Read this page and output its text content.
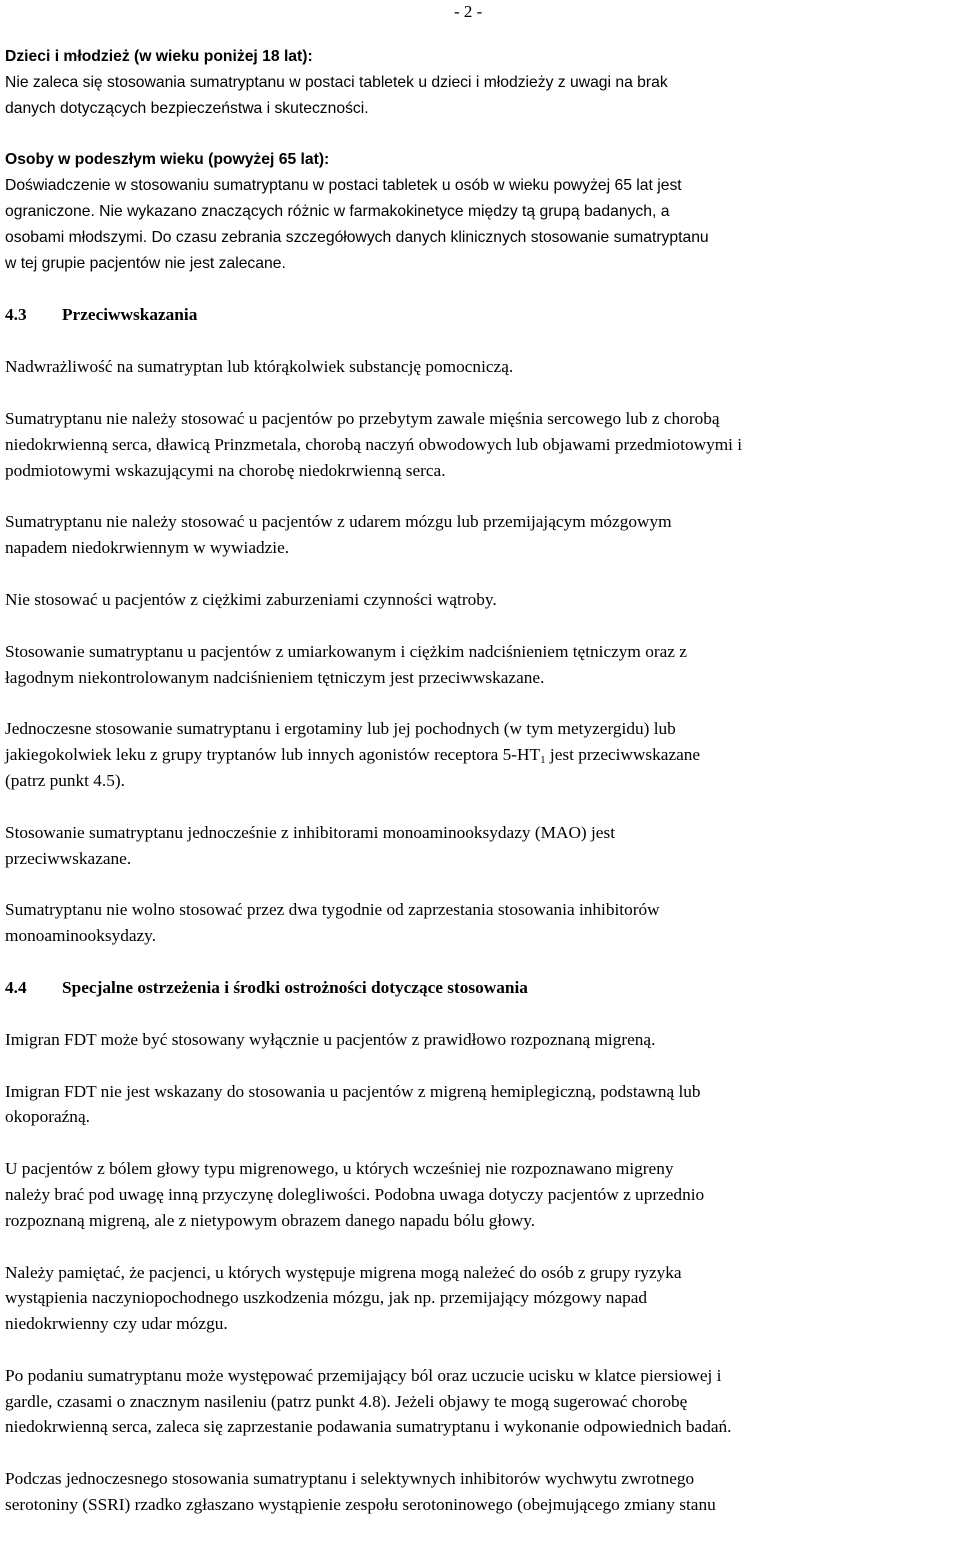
- 2 -
Dzieci i młodzież (w wieku poniżej 18 lat):
Nie zaleca się stosowania sumatryptanu w postaci tabletek u dzieci i młodzieży z uwagi na brak
danych dotyczących bezpieczeństwa i skuteczności.
Osoby w podeszłym wieku (powyżej 65 lat):
Doświadczenie w stosowaniu sumatryptanu w postaci tabletek u osób w wieku powyżej 65 lat jest
ograniczone. Nie wykazano znaczących różnic w farmakokinetyce między tą grupą badanych, a
osobami młodszymi. Do czasu zebrania szczegółowych danych klinicznych stosowanie sumatryptanu
w tej grupie pacjentów nie jest zalecane.
4.3 Przeciwwskazania
Nadwrażliwość na sumatryptan lub którąkolwiek substancję pomocniczą.
Sumatryptanu nie należy stosować u pacjentów po przebytym zawale mięśnia sercowego lub z chorobą
niedokrwienną serca, dławicą Prinzmetala, chorobą naczyń obwodowych lub objawami przedmiotowymi i
podmiotowymi wskazującymi na chorobę niedokrwienną serca.
Sumatryptanu nie należy stosować u pacjentów z udarem mózgu lub przemijającym mózgowym
napadem niedokrwiennym w wywiadzie.
Nie stosować u pacjentów z ciężkimi zaburzeniami czynności wątroby.
Stosowanie sumatryptanu u pacjentów z umiarkowanym i ciężkim nadciśnieniem tętniczym oraz z
łagodnym niekontrolowanym nadciśnieniem tętniczym jest przeciwwskazane.
Jednoczesne stosowanie sumatryptanu i ergotaminy lub jej pochodnych (w tym metyzergidu) lub
jakiegokolwiek leku z grupy tryptanów lub innych agonistów receptora $5-HT_1$ jest przeciwwskazane
(patrz punkt 4.5).
Stosowanie sumatryptanu jednocześnie z inhibitorami monoaminooksydazy (MAO) jest
przeciwwskazane.
Sumatryptanu nie wolno stosować przez dwa tygodnie od zaprzestania stosowania inhibitorów
monoaminooksydazy.
4.4 Specjalne ostrzeżenia i środki ostrożności dotyczące stosowania
Imigran FDT może być stosowany wyłącznie u pacjentów z prawidłowo rozpoznaną migreną.
Imigran FDT nie jest wskazany do stosowania u pacjentów z migreną hemiplegiczną, podstawną lub
okoporaźną.
U pacjentów z bólem głowy typu migrenowego, u których wcześniej nie rozpoznawano migreny
należy brać pod uwagę inną przyczynę dolegliwości. Podobna uwaga dotyczy pacjentów z uprzednio
rozpoznaną migreną, ale z nietypowym obrazem danego napadu bólu głowy.
Należy pamiętać, że pacjenci, u których występuje migrena mogą należeć do osób z grupy ryzyka
wystąpienia naczyniopochodnego uszkodzenia mózgu, jak np. przemijający mózgowy napad
niedokrwienny czy udar mózgu.
Po podaniu sumatryptanu może występować przemijający ból oraz uczucie ucisku w klatce piersiowej i
gardle, czasami o znacznym nasileniu (patrz punkt 4.8). Jeżeli objawy te mogą sugerować chorobę
niedokrwienną serca, zaleca się zaprzestanie podawania sumatryptanu i wykonanie odpowiednich badań.
Podczas jednoczesnego stosowania sumatryptanu i selektywnych inhibitorów wychwytu zwrotnego
serotoniny (SSRI) rzadko zgłaszano wystąpienie zespołu serotoninowego (obejmującego zmiany stanu
